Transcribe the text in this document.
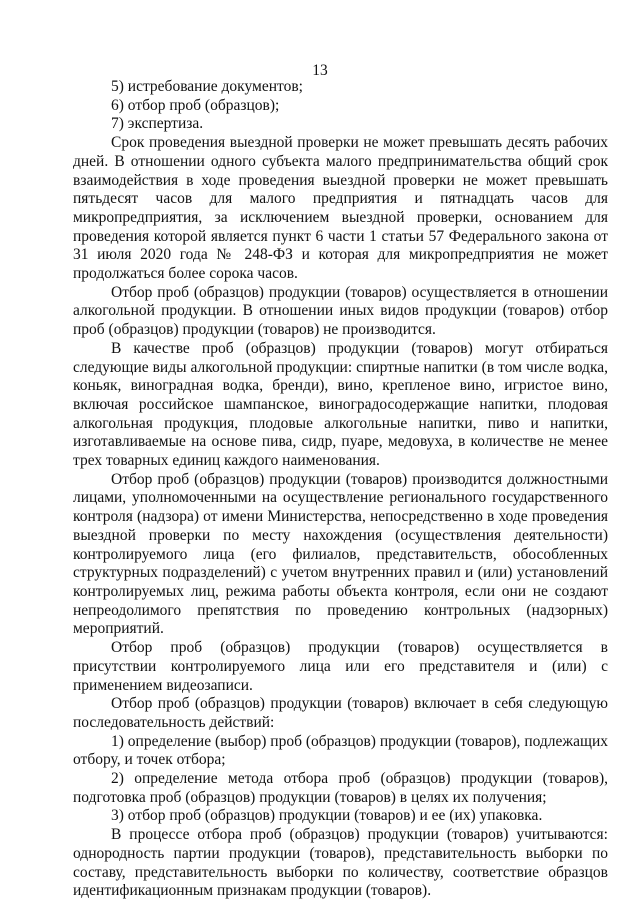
13

5) истребование документов;

6) отбор проб (образцов);

7) экспертиза.

Срок проведения выездной проверки не может превышать десять рабочих дней. В отношении одного субъекта малого предпринимательства общий срок взаимодействия в ходе проведения выездной проверки не может превышать пятьдесят часов для малого предприятия и пятнадцать часов для микропредприятия, за исключением выездной проверки, основанием для проведения которой является пункт 6 части 1 статьи 57 Федерального закона от 31 июля 2020 года № 248-ФЗ и которая для микропредприятия не может продолжаться более сорока часов.

Отбор проб (образцов) продукции (товаров) осуществляется в отношении алкогольной продукции. В отношении иных видов продукции (товаров) отбор проб (образцов) продукции (товаров) не производится.

В качестве проб (образцов) продукции (товаров) могут отбираться следующие виды алкогольной продукции: спиртные напитки (в том числе водка, коньяк, виноградная водка, бренди), вино, крепленое вино, игристое вино, включая российское шампанское, виноградосодержащие напитки, плодовая алкогольная продукция, плодовые алкогольные напитки, пиво и напитки, изготавливаемые на основе пива, сидр, пуаре, медовуха, в количестве не менее трех товарных единиц каждого наименования.

Отбор проб (образцов) продукции (товаров) производится должностными лицами, уполномоченными на осуществление регионального государственного контроля (надзора) от имени Министерства, непосредственно в ходе проведения выездной проверки по месту нахождения (осуществления деятельности) контролируемого лица (его филиалов, представительств, обособленных структурных подразделений) с учетом внутренних правил и (или) установлений контролируемых лиц, режима работы объекта контроля, если они не создают непреодолимого препятствия по проведению контрольных (надзорных) мероприятий.

Отбор проб (образцов) продукции (товаров) осуществляется в присутствии контролируемого лица или его представителя и (или) с применением видеозаписи.

Отбор проб (образцов) продукции (товаров) включает в себя следующую последовательность действий:

1) определение (выбор) проб (образцов) продукции (товаров), подлежащих отбору, и точек отбора;

2) определение метода отбора проб (образцов) продукции (товаров), подготовка проб (образцов) продукции (товаров) в целях их получения;

3) отбор проб (образцов) продукции (товаров) и ее (их) упаковка.

В процессе отбора проб (образцов) продукции (товаров) учитываются: однородность партии продукции (товаров), представительность выборки по составу, представительность выборки по количеству, соответствие образцов идентификационным признакам продукции (товаров).
